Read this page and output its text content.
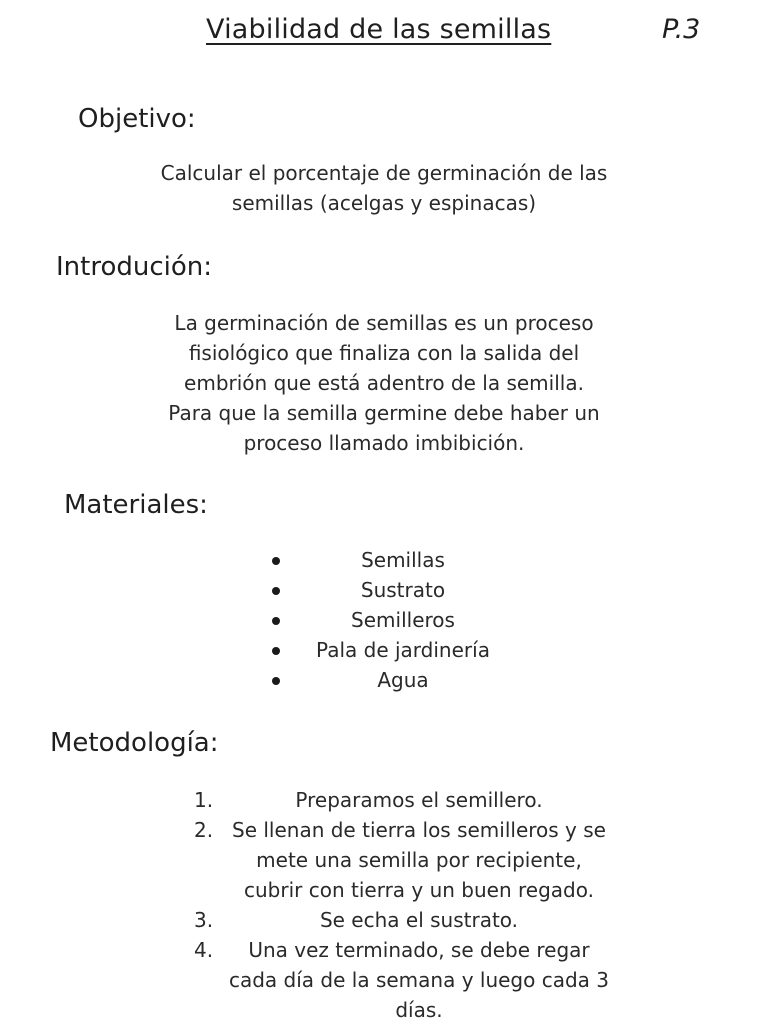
Viabilidad de las semillas	P.3
Objetivo:
Calcular el porcentaje de germinación de las
semillas (acelgas y espinacas)
Introdución:
La germinación de semillas es un proceso
fisiológico que finaliza con la salida del
embrión que está adentro de la semilla.
Para que la semilla germine debe haber un
proceso llamado imbibición.
Materiales:
Semillas
Sustrato
Semilleros
Pala de jardinería
Agua
Metodología:
1.	Preparamos el semillero.
2. Se llenan de tierra los semilleros y se
mete una semilla por recipiente,
cubrir con tierra y un buen regado.
3.	Se echa el sustrato.
4.	Una vez terminado, se debe regar
cada día de la semana y luego cada 3
días.
